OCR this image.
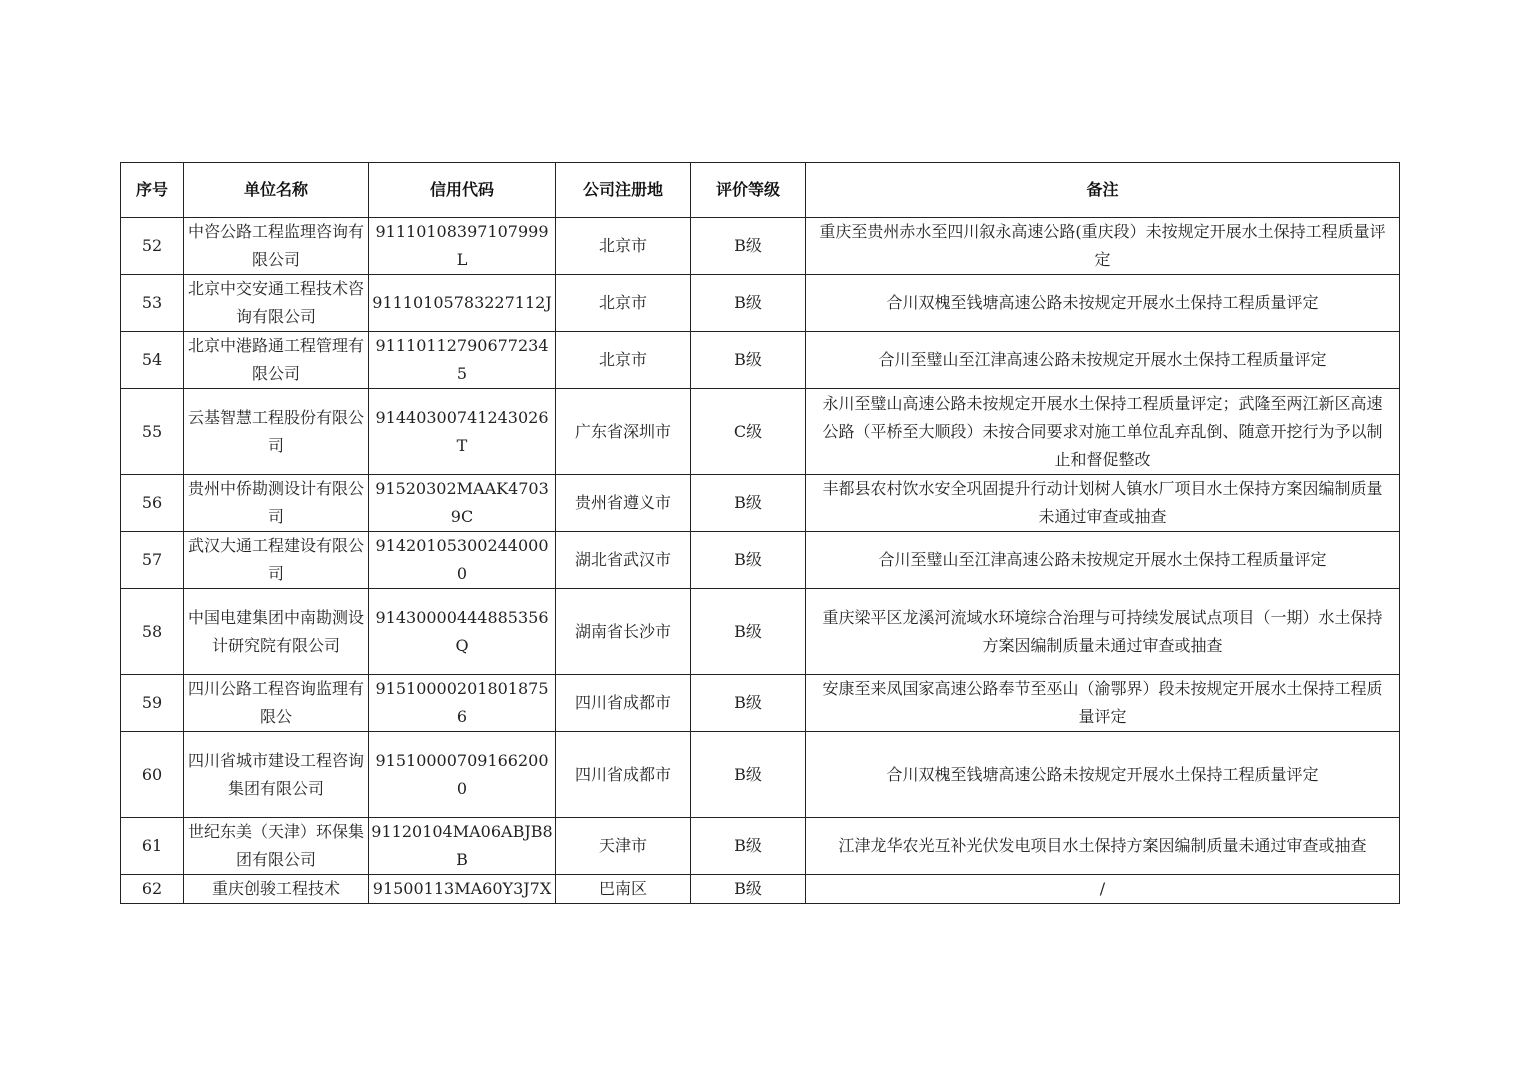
序号	单位名称	信用代码	公司注册地	评价等级	备注
52	中咨公路工程监理咨询有限公司	91110108397107999L	北京市	B级	重庆至贵州赤水至四川叙永高速公路(重庆段）未按规定开展水土保持工程质量评定
53	北京中交安通工程技术咨询有限公司	91110105783227112J	北京市	B级	合川双槐至钱塘高速公路未按规定开展水土保持工程质量评定
54	北京中港路通工程管理有限公司	911101127906772345	北京市	B级	合川至璧山至江津高速公路未按规定开展水土保持工程质量评定
55	云基智慧工程股份有限公司	91440300741243026T	广东省深圳市	C级	永川至璧山高速公路未按规定开展水土保持工程质量评定；武隆至两江新区高速公路（平桥至大顺段）未按合同要求对施工单位乱弃乱倒、随意开挖行为予以制止和督促整改
56	贵州中侨勘测设计有限公司	91520302MAAK47039C	贵州省遵义市	B级	丰都县农村饮水安全巩固提升行动计划树人镇水厂项目水土保持方案因编制质量未通过审查或抽查
57	武汉大通工程建设有限公司	914201053002440000	湖北省武汉市	B级	合川至璧山至江津高速公路未按规定开展水土保持工程质量评定
58	中国电建集团中南勘测设计研究院有限公司	91430000444885356Q	湖南省长沙市	B级	重庆梁平区龙溪河流域水环境综合治理与可持续发展试点项目（一期）水土保持方案因编制质量未通过审查或抽查
59	四川公路工程咨询监理有限公	915100002018018756	四川省成都市	B级	安康至来凤国家高速公路奉节至巫山（渝鄂界）段未按规定开展水土保持工程质量评定
60	四川省城市建设工程咨询集团有限公司	915100007091662000	四川省成都市	B级	合川双槐至钱塘高速公路未按规定开展水土保持工程质量评定
61	世纪东美（天津）环保集团有限公司	91120104MA06ABJB8B	天津市	B级	江津龙华农光互补光伏发电项目水土保持方案因编制质量未通过审查或抽查
62	重庆创骏工程技术	91500113MA60Y3J7X	巴南区	B级	/
